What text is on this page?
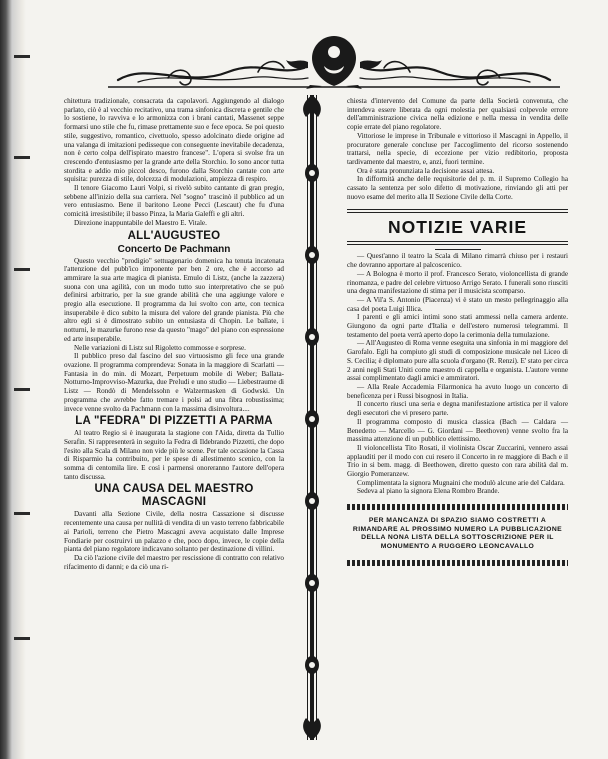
chitettura tradizionale, consacrata da capolavori. Aggiungendo al dialogo parlato, ciò è al vecchio recitativo, una trama sinfonica discreta e gentile che lo sostiene, lo ravviva e lo armonizza con i brani cantati, Massenet seppe formarsi uno stile che fu, rimase prettamente suo e fece epoca. Se poi questo stile, suggestivo, romantico, civettuolo, spesso adolcinato diede origine ad una valanga di imitazioni pedisseque con conseguente inevitabile decadenza, non è certo colpa dell'ispirato maestro francese". L'opera si svolse fra un crescendo d'entusiasmo per la grande arte della Storchio. Io sono ancor tutta stordita e addio mio piccol desco, furono dalla Storchio cantate con arte squisita: purezza di stile, dolcezza di modulazioni, ampiezza di respiro.

Il tenore Giacomo Lauri Volpi, si rivelò subito cantante di gran pregio, sebbene all'inizio della sua carriera. Nel "sogno" trascinò il pubblico ad un vero entusiasmo. Bene il baritono Leone Pecci (Lescaut) che fu d'una comicità irresistibile; il basso Pinza, la Maria Galeffi e gli altri.

Direzione inappuntabile del Maestro E. Vitale.

ALL'AUGUSTEO
Concerto De Pachmann

Questo vecchio "prodigio" settuagenario domenica ha tenuta incatenata l'attenzione del pubb'ico imponente per ben 2 ore, che è accorso ad ammirare la sua arte magica di pianista. Emulo di Listz, (anche la zazzera) suona con una agilità, con un modo tutto suo interpretativo che se può definirsi arbitrario, per la sue grande abilità che una aggiunge valore e pregio alla esecuzione. Il programma da lui svolto con arte, con tecnica insuperabile è dico subito la misura del valore del grande pianista. Più che altro egli si è dimostrato subito un entusiasta di Chopin. Le ballate, i notturni, le mazurke furono rese da questo "mago" del piano con espressione ed arte insuperabile.

Nelle variazioni di Listz sul Rigoletto commosse e sorprese.

Il pubblico preso dal fascino del suo virtuosismo gli fece una grande ovazione. Il programma comprendeva: Sonata in la maggiore di Scarlatti — Fantasia in do min. di Mozart, Perpetuum mobile di Weber; Ballata-Notturno-Improvviso-Mazurka, due Preludi e uno studio — Liebestraume di Listz — Rondò di Mendelssohn e Walzermasken di Godwski. Un programma che avrebbe fatto tremare i polsi ad una fibra robustissima; invece venne svolto da Pachmann con la massima disinvoltura....

LA "FEDRA" DI PIZZETTI A PARMA

Al teatro Regio si è inaugurata la stagione con l'Aida, diretta da Tullio Serafin. Si rappresenterà in seguito la Fedra di Ildebrando Pizzetti, che dopo l'esito alla Scala di Milano non vide più le scene. Per tale occasione la Cassa di Risparmio ha contribuito, per le spese di allestimento scenico, con la somma di centomila lire. E così i parmensi onoreranno l'autore dell'opera tanto discussa.

UNA CAUSA DEL MAESTRO MASCAGNI

Davanti alla Sezione Civile, della nostra Cassazione si discusse recentemente una causa per nullità di vendita di un vasto terreno fabbricabile ai Parioli, terreno che Pietro Mascagni aveva acquistato dalle Imprese Fondiarie per costruirvi un palazzo e che, poco dopo, invece, le copie della pianta del piano regolatore indicavano soltanto per destinazione di villini.

Da ciò l'azione civile del maestro per rescissione di contratto con relativo rifacimento di danni; e da ciò una ri-

chiesta d'intervento del Comune da parte della Società convenuta, che intendeva essere liberata da ogni molestia per qualsiasi colpevole errore dell'amministrazione civica nella edizione e nella messa in vendita delle copie errate del piano regolatore.

Vittoriose le imprese in Tribunale e vittorioso il Mascagni in Appello, il procuratore generale concluse per l'accoglimento del ricorso sostenendo trattarsi, nella specie, di eccezione per vizio redibitorio, proposta tardivamente dal maestro, e, anzi, fuori termine.

Ora è stata pronunziata la decisione assai attesa.

In difformità anche delle requisitorie del p. m. il Supremo Collegio ha cassato la sentenza per solo difetto di motivazione, rinviando gli atti per nuovo esame del merito alla II Sezione Civile della Corte.

NOTIZIE VARIE

— Quest'anno il teatro la Scala di Milano rimarrà chiuso per i restauri che dovranno apportare al palcoscenico.

— A Bologna è morto il prof. Francesco Serato, violoncellista di grande rinomanza, e padre del celebre virtuoso Arrigo Serato. I funerali sono riusciti una degna manifestazione di stima per il musicista scomparso.

— A Vil'a S. Antonio (Piacenza) vi è stato un mesto pellegrinaggio alla casa del poeta Luigi Illica.

I parenti e gli amici intimi sono stati ammessi nella camera ardente. Giungono da ogni parte d'Italia e dell'estero numerosi telegrammi. Il testamento del poeta verrà aperto dopo la cerimonia della tumulazione.

— All'Augusteo di Roma venne eseguita una sinfonia in mi maggiore del Garofalo. Egli ha compiuto gli studi di composizione musicale nel Liceo di S. Cecilia; è diplomato pure alla scuola d'organo (R. Renzi). E' stato per circa 2 anni negli Stati Uniti come maestro di cappella e organista. L'autore venne assai complimentato dagli amici e ammiratori.

— Alla Reale Accademia Filarmonica ha avuto luogo un concerto di beneficenza per i Russi bisognosi in Italia.

Il concerto riuscì una seria e degna manifestazione artistica per il valore degli esecutori che vi presero parte.

Il programma composto di musica classica (Bach — Caldara — Benedetto — Marcello — G. Giordani — Beethoven) venne svolto fra la massima attenzione di un pubblico elettissimo.

Il violoncellista Tito Rosati, il violinista Oscar Zuccarini, vennero assai applauditi per il modo con cui resero il Concerto in re maggiore di Bach e il Trio in si bem. magg. di Beethowen, diretto questo con rara abilità dal m. Giorgio Pomeranzew.

Complimentata la signora Mugnaini che modulò alcune arie del Caldara.

Sedeva al piano la signora Elena Rombro Brande.

PER MANCANZA DI SPAZIO SIAMO COSTRETTI A RIMANDARE AL PROSSIMO NUMERO LA PUBBLICAZIONE DELLA NONA LISTA DELLA SOTTOSCRIZIONE PER IL MONUMENTO A RUGGERO LEONCAVALLO
